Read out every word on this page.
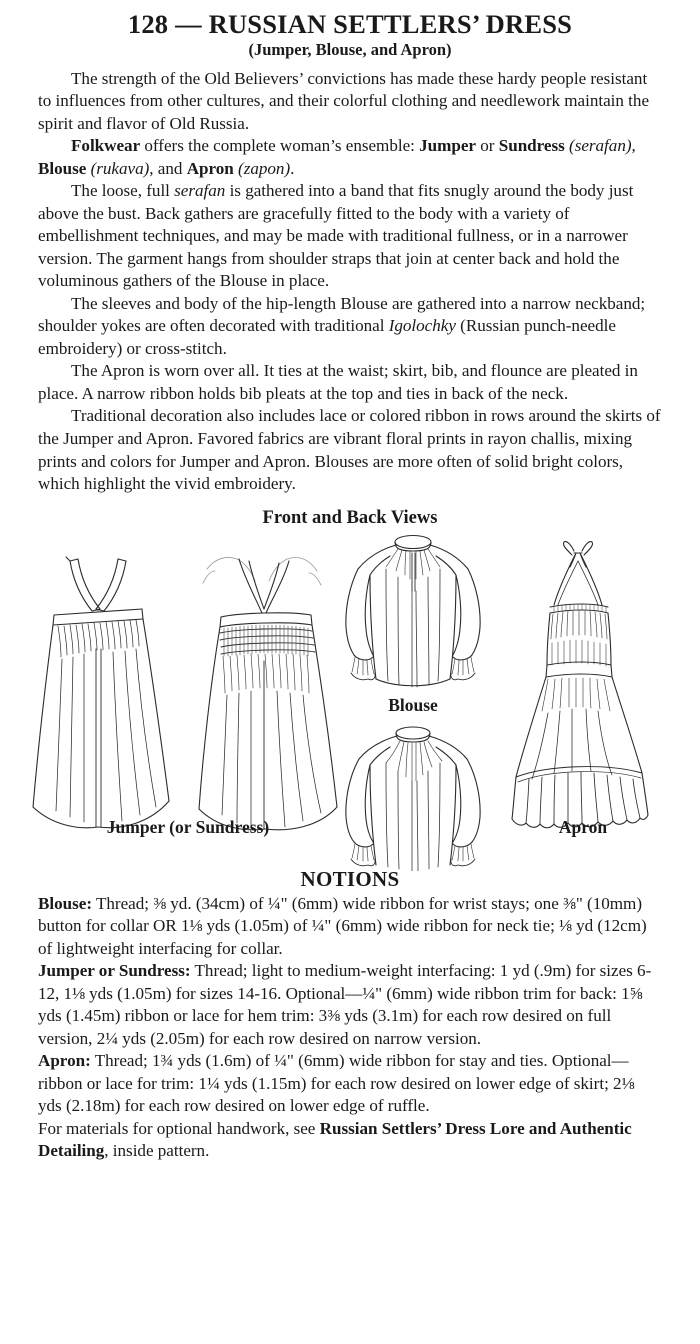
128 — RUSSIAN SETTLERS’ DRESS
(Jumper, Blouse, and Apron)

The strength of the Old Believers’ convictions has made these hardy people resistant to influences from other cultures, and their colorful clothing and needlework maintain the spirit and flavor of Old Russia.

Folkwear offers the complete woman’s ensemble: Jumper or Sundress (serafan), Blouse (rukava), and Apron (zapon).

The loose, full serafan is gathered into a band that fits snugly around the body just above the bust. Back gathers are gracefully fitted to the body with a variety of embellishment techniques, and may be made with traditional fullness, or in a narrower version. The garment hangs from shoulder straps that join at center back and hold the voluminous gathers of the Blouse in place.

The sleeves and body of the hip-length Blouse are gathered into a narrow neckband; shoulder yokes are often decorated with traditional Igolochky (Russian punch-needle embroidery) or cross-stitch.

The Apron is worn over all. It ties at the waist; skirt, bib, and flounce are pleated in place. A narrow ribbon holds bib pleats at the top and ties in back of the neck.

Traditional decoration also includes lace or colored ribbon in rows around the skirts of the Jumper and Apron. Favored fabrics are vibrant floral prints in rayon challis, mixing prints and colors for Jumper and Apron. Blouses are more often of solid bright colors, which highlight the vivid embroidery.

Front and Back Views
Jumper (or Sundress)
Blouse
Apron
NOTIONS

Blouse: Thread; ⅜ yd. (34cm) of ¼" (6mm) wide ribbon for wrist stays; one ⅜" (10mm) button for collar OR 1⅛ yds (1.05m) of ¼" (6mm) wide ribbon for neck tie; ⅛ yd (12cm) of lightweight interfacing for collar.

Jumper or Sundress: Thread; light to medium-weight interfacing: 1 yd (.9m) for sizes 6-12, 1⅛ yds (1.05m) for sizes 14-16. Optional—¼" (6mm) wide ribbon trim for back: 1⅝ yds (1.45m) ribbon or lace for hem trim: 3⅜ yds (3.1m) for each row desired on full version, 2¼ yds (2.05m) for each row desired on narrow version.

Apron: Thread; 1¾ yds (1.6m) of ¼" (6mm) wide ribbon for stay and ties. Optional—ribbon or lace for trim: 1¼ yds (1.15m) for each row desired on lower edge of skirt; 2⅛ yds (2.18m) for each row desired on lower edge of ruffle.

For materials for optional handwork, see Russian Settlers’ Dress Lore and Authentic Detailing, inside pattern.
